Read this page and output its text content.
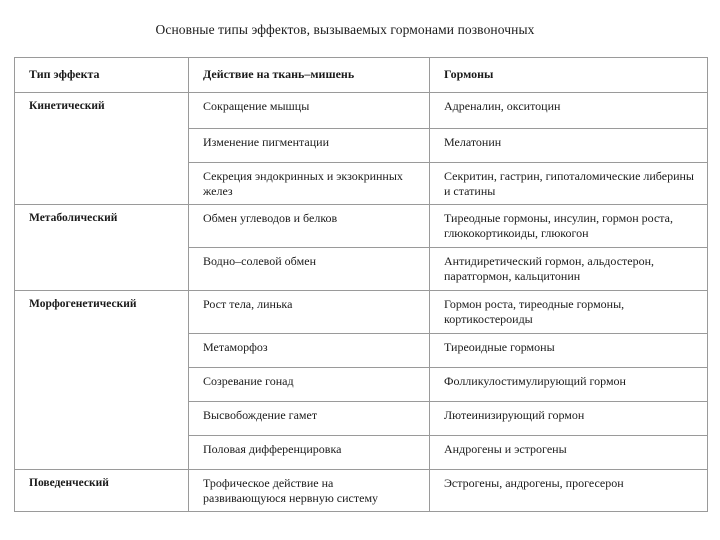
Основные типы эффектов, вызываемых гормонами позвоночных
Тип эффекта	Действие на ткань–мишень	Гормоны
Кинетический	Сокращение мышцы	Адреналин, окситоцин
	Изменение пигментации	Мелатонин
	Секреция эндокринных и экзокринных желез	Секритин, гастрин, гипоталомические либерины и статины
Метаболический	Обмен углеводов и белков	Тиреодные гормоны, инсулин, гормон роста, глюкокортикоиды, глюкогон
	Водно–солевой обмен	Антидиретический гормон, альдостерон, паратгормон, кальцитонин
Морфогенетический	Рост тела, линька	Гормон роста, тиреодные гормоны, кортикостероиды
	Метаморфоз	Тиреоидные гормоны
	Созревание гонад	Фолликулостимулирующий гормон
	Высвобождение гамет	Лютеинизирующий гормон
	Половая дифференцировка	Андрогены и эстрогены
Поведенческий	Трофическое действие на развивающуюся нервную систему	Эстрогены, андрогены, прогесерон
